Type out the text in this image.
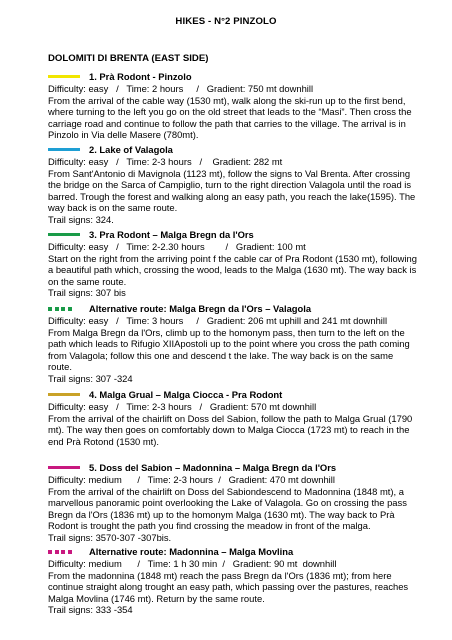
HIKES - N°2 PINZOLO
DOLOMITI DI BRENTA (EAST SIDE)
1. Prà Rodont - Pinzolo

Difficulty: easy   /   Time: 2 hours     /   Gradient: 750 mt downhill

From the arrival of the cable way (1530 mt), walk along the ski-run up to the first bend, where turning to the left you go on the old street that leads to the “Masi”. Then cross the carriage road and continue to follow the path that carries to the village. The arrival is in Pinzolo in Via delle Masere (780mt).

2. Lake of Valagola

Difficulty: easy   /   Time: 2-3 hours   /    Gradient: 282 mt

From Sant'Antonio di Mavignola (1123 mt), follow the signs to Val Brenta. After crossing the bridge on the Sarca of Campiglio, turn to the right direction Valagola until the road is barred. Trough the forest and walking along an easy path, you reach the lake(1595). The way back is on the same route.

Trail signs: 324.

3. Pra Rodont – Malga Bregn da l'Ors

Difficulty: easy   /   Time: 2-2.30 hours        /   Gradient: 100 mt

Start on the right from the arriving point f the cable car of Pra Rodont (1530 mt), following a beautiful path which, crossing the wood, leads to the Malga (1630 mt). The way back is on the same route.

Trail signs: 307 bis

Alternative route: Malga Bregn da l'Ors – Valagola

Difficulty: easy   /   Time: 3 hours     /   Gradient: 206 mt uphill and 241 mt downhill

From Malga Bregn da l'Ors, climb up to the homonym pass, then turn to the left on the path which leads to Rifugio XIIApostoli up to the point where you cross the path coming from Valagola; follow this one and descend t the lake. The way back is on the same route.

Trail signs: 307 -324

4. Malga Grual – Malga Ciocca - Pra Rodont

Difficulty: easy   /   Time: 2-3 hours   /   Gradient: 570 mt downhill

From the arrival of the chairlift on Doss del Sabion, follow the path to Malga Grual (1790 mt). The way then goes on comfortably down to Malga Ciocca (1723 mt) to reach in the end Prà Rotond (1530 mt).

5. Doss del Sabion – Madonnina – Malga Bregn da l'Ors

Difficulty: medium      /   Time: 2-3 hours  /   Gradient: 470 mt downhill

From the arrival of the chairlift on Doss del Sabiondescend to Madonnina (1848 mt), a marvellous panoramic point overlooking the Lake of Valagola. Go on crossing the pass Bregn da l'Ors (1836 mt) up to the homonym Malga (1630 mt). The way back to Prà Rodont is trought the path you find crossing the meadow in front of the malga.

Trail signs: 3570-307 -307bis.

Alternative route: Madonnina – Malga Movlina

Difficulty: medium      /   Time: 1 h 30 min  /   Gradient: 90 mt  downhill

From the madonnina (1848 mt) reach the pass Bregn da l'Ors (1836 mt); from here continue straight along trought an easy path, which passing over the pastures, reaches Malga Movlina (1746 mt). Return by the same route.

Trail signs: 333 -354
